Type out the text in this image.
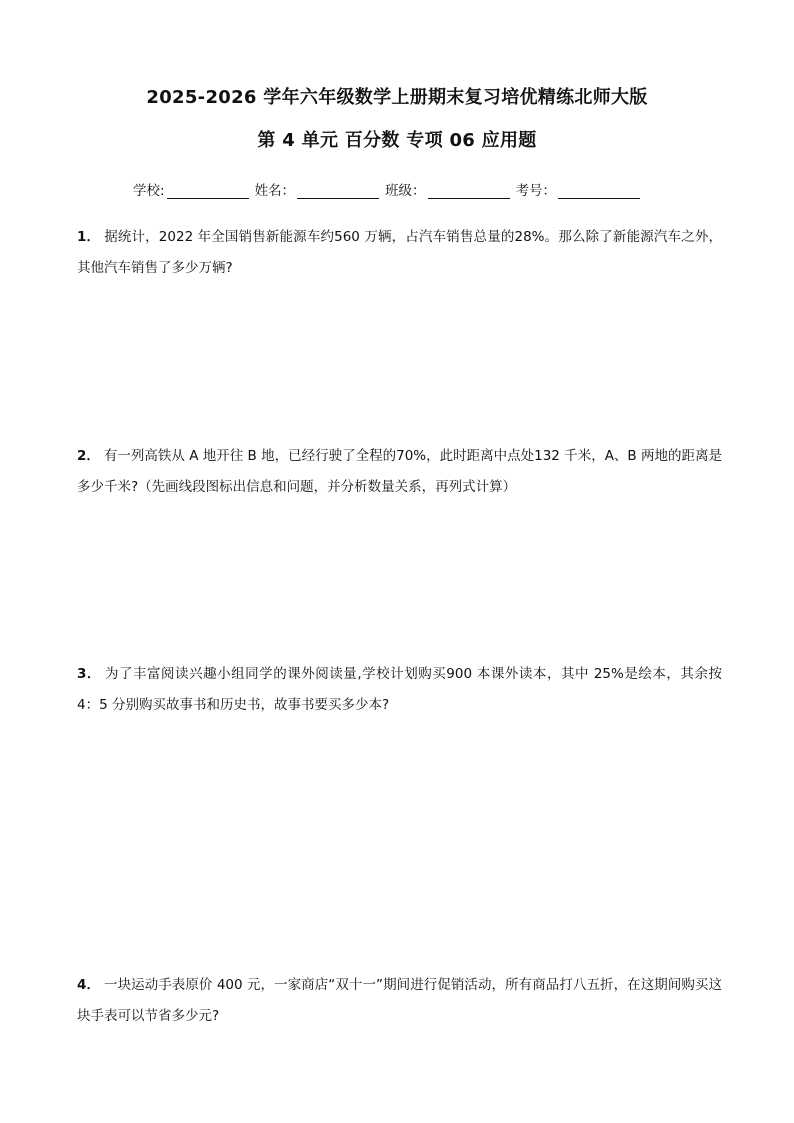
2025-2026 学年六年级数学上册期末复习培优精练北师大版
第 4 单元 百分数 专项 06 应用题
学校:	姓名：	班级：	考号：
1． 据统计，2022 年全国销售新能源车约560 万辆，占汽车销售总量的28%。那么除了新能源汽车之外，其他汽车销售了多少万辆?
2． 有一列高铁从 A 地开往 B 地，已经行驶了全程的70%，此时距离中点处132 千米，A、B 两地的距离是多少千米?（先画线段图标出信息和问题，并分析数量关系，再列式计算）
3． 为了丰富阅读兴趣小组同学的课外阅读量,学校计划购买900 本课外读本，其中 25%是绘本，其余按 4：5 分别购买故事书和历史书，故事书要买多少本?
4． 一块运动手表原价 400 元，一家商店“双十一”期间进行促销活动，所有商品打八五折，在这期间购买这块手表可以节省多少元?
